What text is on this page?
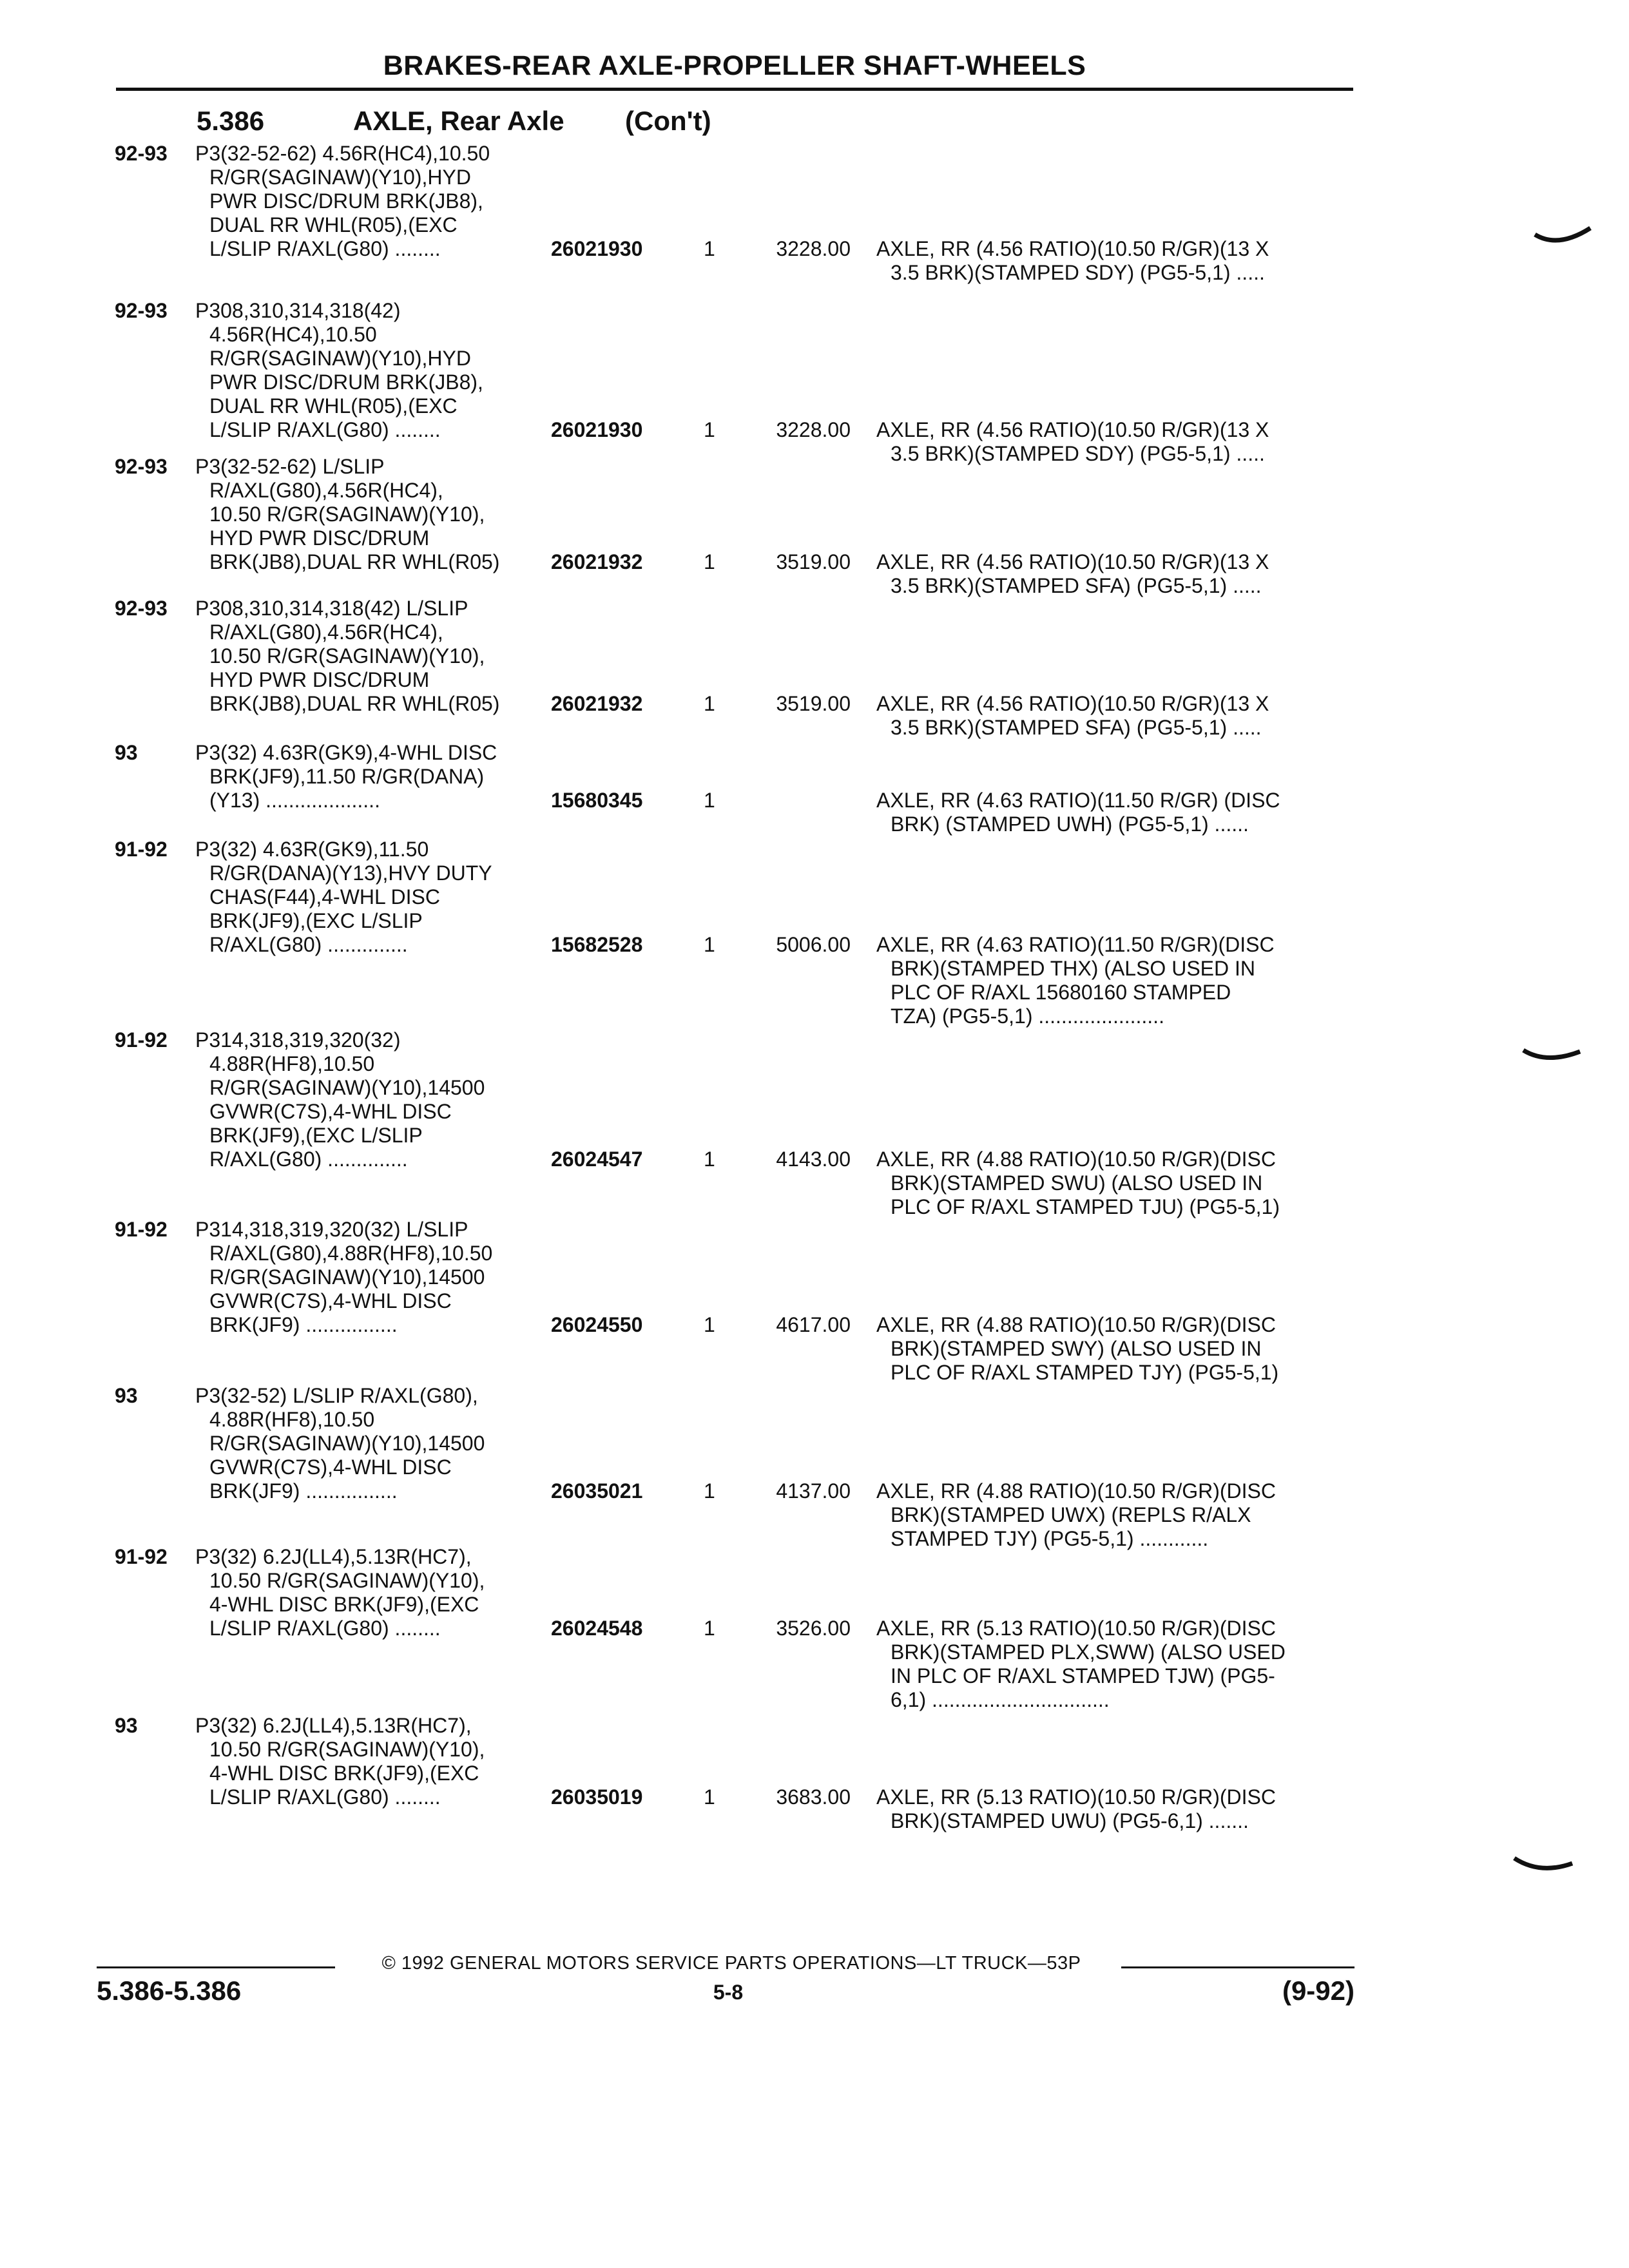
BRAKES-REAR AXLE-PROPELLER SHAFT-WHEELS
5.386	AXLE, Rear Axle (Con't)
92-93 P3(32-52-62) 4.56R(HC4),10.50
R/GR(SAGINAW)(Y10),HYD
PWR DISC/DRUM BRK(JB8),
DUAL RR WHL(R05),(EXC
L/SLIP R/AXL(G80) ........	26021930	1	3228.00 AXLE, RR (4.56 RATIO)(10.50 R/GR)(13 X
3.5 BRK)(STAMPED SDY) (PG5-5,1) .....
92-93 P308,310,314,318(42)
4.56R(HC4),10.50
R/GR(SAGINAW)(Y10),HYD
PWR DISC/DRUM BRK(JB8),
DUAL RR WHL(R05),(EXC
L/SLIP R/AXL(G80) ........	26021930	1	3228.00 AXLE, RR (4.56 RATIO)(10.50 R/GR)(13 X
3.5 BRK)(STAMPED SDY) (PG5-5,1) .....
92-93 P3(32-52-62) L/SLIP
R/AXL(G80),4.56R(HC4),
10.50 R/GR(SAGINAW)(Y10),
HYD PWR DISC/DRUM
BRK(JB8),DUAL RR WHL(R05)	26021932	1	3519.00 AXLE, RR (4.56 RATIO)(10.50 R/GR)(13 X
3.5 BRK)(STAMPED SFA) (PG5-5,1) .....
92-93 P308,310,314,318(42) L/SLIP
R/AXL(G80),4.56R(HC4),
10.50 R/GR(SAGINAW)(Y10),
HYD PWR DISC/DRUM
BRK(JB8),DUAL RR WHL(R05)	26021932	1	3519.00 AXLE, RR (4.56 RATIO)(10.50 R/GR)(13 X
3.5 BRK)(STAMPED SFA) (PG5-5,1) .....
93	P3(32) 4.63R(GK9),4-WHL DISC
BRK(JF9),11.50 R/GR(DANA)
(Y13) ....................	15680345	1	AXLE, RR (4.63 RATIO)(11.50 R/GR) (DISC
BRK) (STAMPED UWH) (PG5-5,1) ......
91-92 P3(32) 4.63R(GK9),11.50
R/GR(DANA)(Y13),HVY DUTY
CHAS(F44),4-WHL DISC
BRK(JF9),(EXC L/SLIP
R/AXL(G80) ..............	15682528	1	5006.00 AXLE, RR (4.63 RATIO)(11.50 R/GR)(DISC
BRK)(STAMPED THX) (ALSO USED IN
PLC OF R/AXL 15680160 STAMPED
TZA) (PG5-5,1) ......................
91-92 P314,318,319,320(32)
4.88R(HF8),10.50
R/GR(SAGINAW)(Y10),14500
GVWR(C7S),4-WHL DISC
BRK(JF9),(EXC L/SLIP
R/AXL(G80) ..............	26024547	1	4143.00 AXLE, RR (4.88 RATIO)(10.50 R/GR)(DISC
BRK)(STAMPED SWU) (ALSO USED IN
PLC OF R/AXL STAMPED TJU) (PG5-5,1)
91-92 P314,318,319,320(32) L/SLIP
R/AXL(G80),4.88R(HF8),10.50
R/GR(SAGINAW)(Y10),14500
GVWR(C7S),4-WHL DISC
BRK(JF9) ................	26024550	1	4617.00 AXLE, RR (4.88 RATIO)(10.50 R/GR)(DISC
BRK)(STAMPED SWY) (ALSO USED IN
PLC OF R/AXL STAMPED TJY) (PG5-5,1)
93	P3(32-52) L/SLIP R/AXL(G80),
4.88R(HF8),10.50
R/GR(SAGINAW)(Y10),14500
GVWR(C7S),4-WHL DISC
BRK(JF9) ................	26035021	1	4137.00 AXLE, RR (4.88 RATIO)(10.50 R/GR)(DISC
BRK)(STAMPED UWX) (REPLS R/ALX
STAMPED TJY) (PG5-5,1) ............
91-92 P3(32) 6.2J(LL4),5.13R(HC7),
10.50 R/GR(SAGINAW)(Y10),
4-WHL DISC BRK(JF9),(EXC
L/SLIP R/AXL(G80) ........	26024548	1	3526.00 AXLE, RR (5.13 RATIO)(10.50 R/GR)(DISC
BRK)(STAMPED PLX,SWW) (ALSO USED
IN PLC OF R/AXL STAMPED TJW) (PG5-
6,1) ...............................
93	P3(32) 6.2J(LL4),5.13R(HC7),
10.50 R/GR(SAGINAW)(Y10),
4-WHL DISC BRK(JF9),(EXC
L/SLIP R/AXL(G80) ........	26035019	1	3683.00 AXLE, RR (5.13 RATIO)(10.50 R/GR)(DISC
BRK)(STAMPED UWU) (PG5-6,1) .......
© 1992 GENERAL MOTORS SERVICE PARTS OPERATIONS—LT TRUCK—53P
5.386-5.386	5-8	(9-92)
